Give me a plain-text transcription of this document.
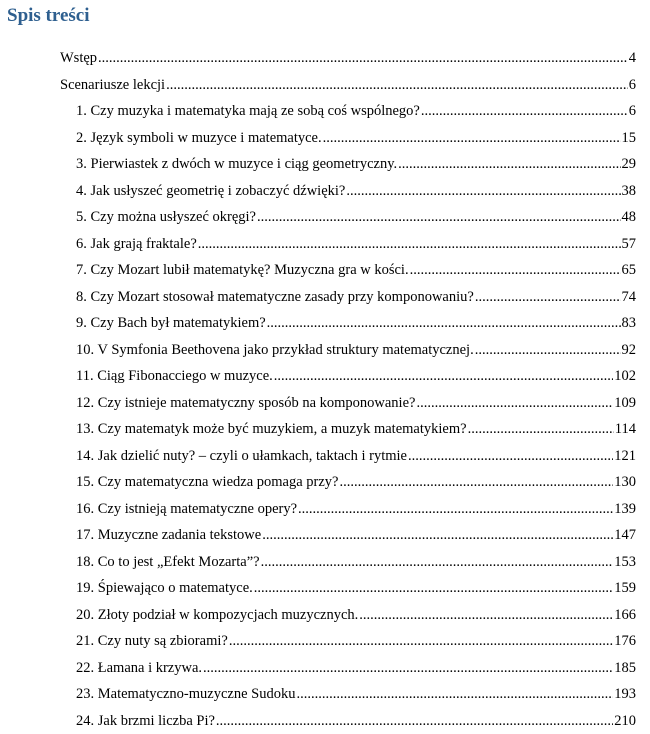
Spis treści
Wstęp .....	4
Scenariusze lekcji .....	6
1. Czy muzyka i matematyka mają ze sobą coś wspólnego? .....	6
2. Język symboli w muzyce i matematyce. .....	15
3. Pierwiastek z dwóch w muzyce i ciąg geometryczny. .....	29
4. Jak usłyszeć geometrię i zobaczyć dźwięki? .....	38
5. Czy można usłyszeć okręgi? .....	48
6. Jak grają fraktale? .....	57
7. Czy Mozart lubił matematykę? Muzyczna gra w kości. .....	65
8. Czy Mozart stosował matematyczne zasady przy komponowaniu? .....	74
9. Czy Bach był matematykiem? .....	83
10. V Symfonia Beethovena jako przykład struktury matematycznej. .....	92
11. Ciąg Fibonacciego w muzyce. .....	102
12. Czy istnieje matematyczny sposób na komponowanie? .....	109
13. Czy matematyk może być muzykiem, a muzyk matematykiem? .....	114
14. Jak dzielić nuty? – czyli o ułamkach, taktach i rytmie .....	121
15. Czy matematyczna wiedza pomaga przy? .....	130
16. Czy istnieją matematyczne opery? .....	139
17. Muzyczne zadania tekstowe .....	147
18. Co to jest „Efekt Mozarta”? .....	153
19. Śpiewająco o matematyce. .....	159
20. Złoty podział w kompozycjach muzycznych. .....	166
21. Czy nuty są zbiorami? .....	176
22. Łamana i krzywa. .....	185
23. Matematyczno-muzyczne Sudoku .....	193
24. Jak brzmi liczba Pi? .....	210
